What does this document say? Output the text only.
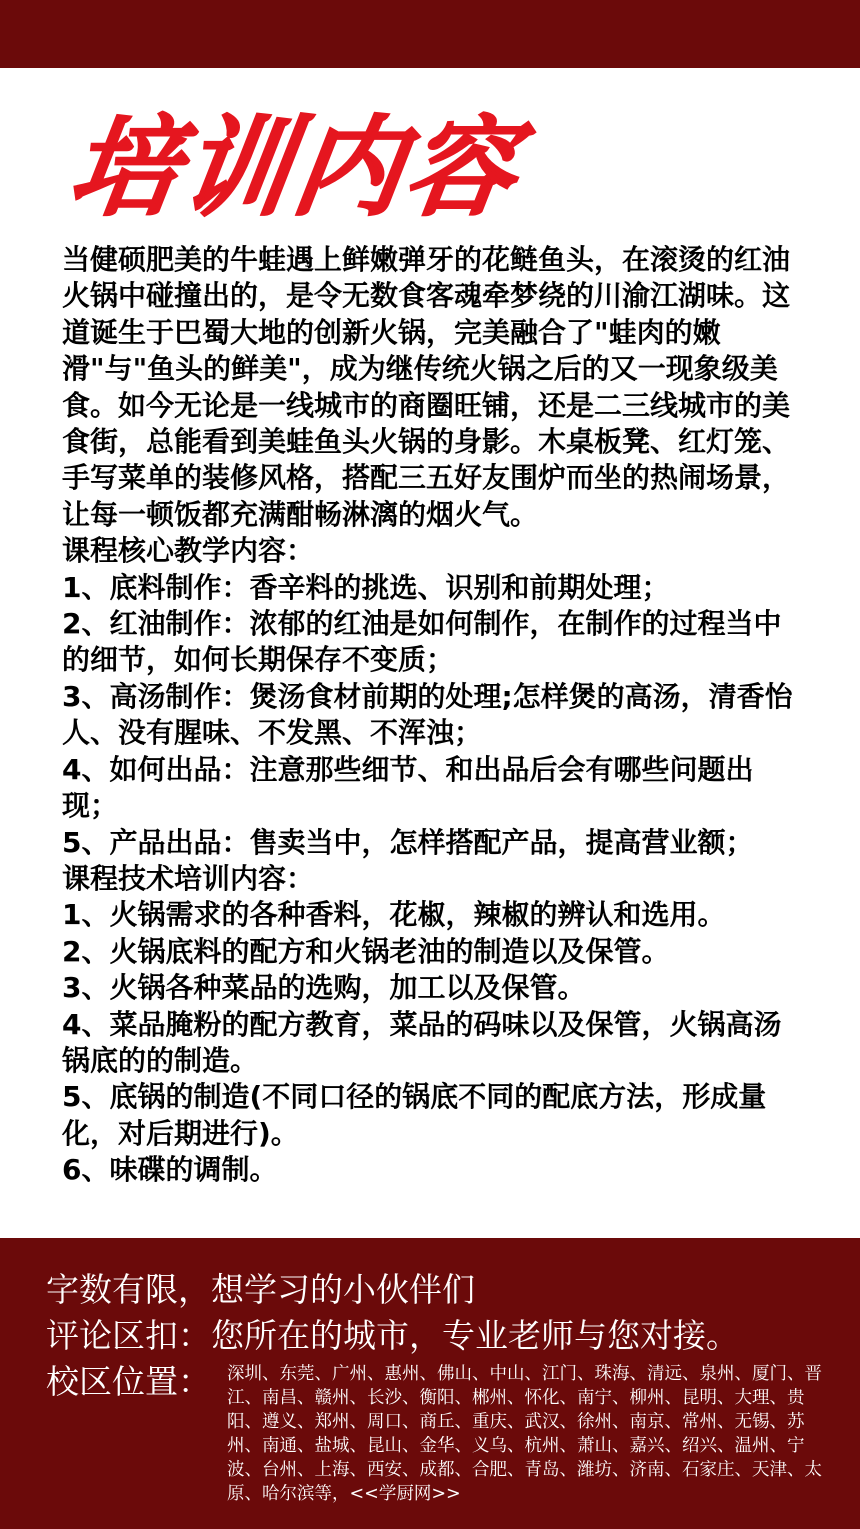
培训内容

当健硕肥美的牛蛙遇上鲜嫩弹牙的花鲢鱼头，在滚烫的红油火锅中碰撞出的，是令无数食客魂牵梦绕的川渝江湖味。这道诞生于巴蜀大地的创新火锅，完美融合了"蛙肉的嫩滑"与"鱼头的鲜美"，成为继传统火锅之后的又一现象级美食。如今无论是一线城市的商圈旺铺，还是二三线城市的美食街，总能看到美蛙鱼头火锅的身影。木桌板凳、红灯笼、手写菜单的装修风格，搭配三五好友围炉而坐的热闹场景，让每一顿饭都充满酣畅淋漓的烟火气。

课程核心教学内容：

1、底料制作：香辛料的挑选、识别和前期处理；

2、红油制作：浓郁的红油是如何制作，在制作的过程当中的细节，如何长期保存不变质；

3、高汤制作：煲汤食材前期的处理;怎样煲的高汤，清香怡人、没有腥味、不发黑、不浑浊；

4、如何出品：注意那些细节、和出品后会有哪些问题出现；

5、产品出品：售卖当中，怎样搭配产品，提高营业额；

课程技术培训内容：

1、火锅需求的各种香料，花椒，辣椒的辨认和选用。

2、火锅底料的配方和火锅老油的制造以及保管。

3、火锅各种菜品的选购，加工以及保管。

4、菜品腌粉的配方教育，菜品的码味以及保管，火锅高汤锅底的的制造。

5、底锅的制造(不同口径的锅底不同的配底方法，形成量化，对后期进行)。

6、味碟的调制。

字数有限，想学习的小伙伴们
评论区扣：您所在的城市，专业老师与您对接。
校区位置： 深圳、东莞、广州、惠州、佛山、中山、江门、珠海、清远、泉州、厦门、晋江、南昌、赣州、长沙、衡阳、郴州、怀化、南宁、柳州、昆明、大理、贵阳、遵义、郑州、周口、商丘、重庆、武汉、徐州、南京、常州、无锡、苏州、南通、盐城、昆山、金华、义乌、杭州、萧山、嘉兴、绍兴、温州、宁波、台州、上海、西安、成都、合肥、青岛、潍坊、济南、石家庄、天津、太原、哈尔滨等，<<学厨网>>
